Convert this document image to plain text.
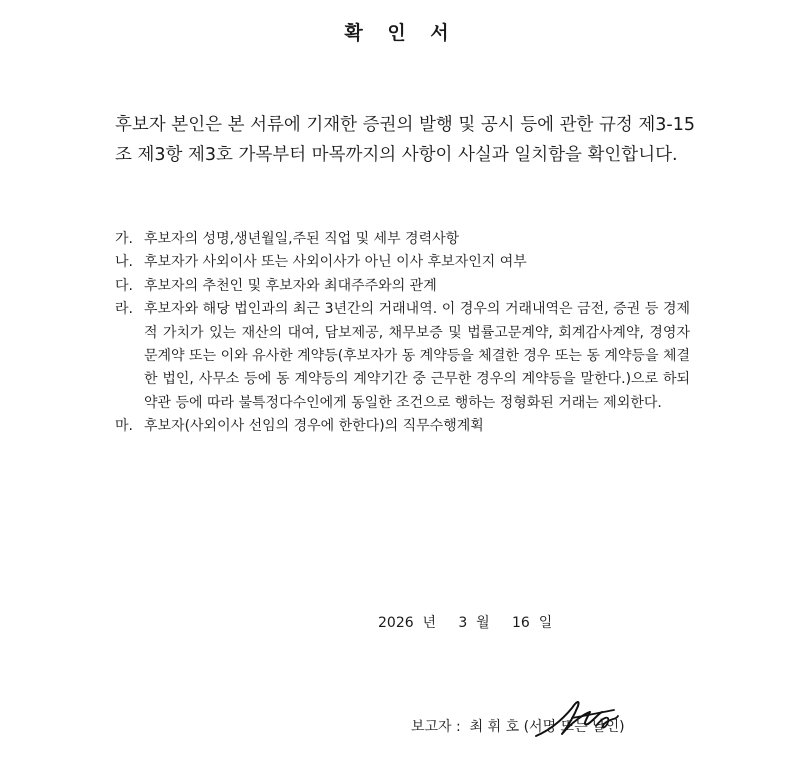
확 인 서
후보자 본인은 본 서류에 기재한 증권의 발행 및 공시 등에 관한 규정 제3-15조 제3항 제3호 가목부터 마목까지의 사항이 사실과 일치함을 확인합니다.
가. 후보자의 성명,생년월일,주된 직업 및 세부 경력사항
나. 후보자가 사외이사 또는 사외이사가 아닌 이사 후보자인지 여부
다. 후보자의 추천인 및 후보자와 최대주주와의 관계
라. 후보자와 해당 법인과의 최근 3년간의 거래내역. 이 경우의 거래내역은 금전, 증권 등 경제적 가치가 있는 재산의 대여, 담보제공, 채무보증 및 법률고문계약, 회계감사계약, 경영자문계약 또는 이와 유사한 계약등(후보자가 동 계약등을 체결한 경우 또는 동 계약등을 체결한 법인, 사무소 등에 동 계약등의 계약기간 중 근무한 경우의 계약등을 말한다.)으로 하되 약관 등에 따라 불특정다수인에게 동일한 조건으로 행하는 정형화된 거래는 제외한다.
마. 후보자(사외이사 선임의 경우에 한한다)의 직무수행계획
2026 년 3 월 16 일
보고자 : 최 휘 호 (서명 또는 날인
)
